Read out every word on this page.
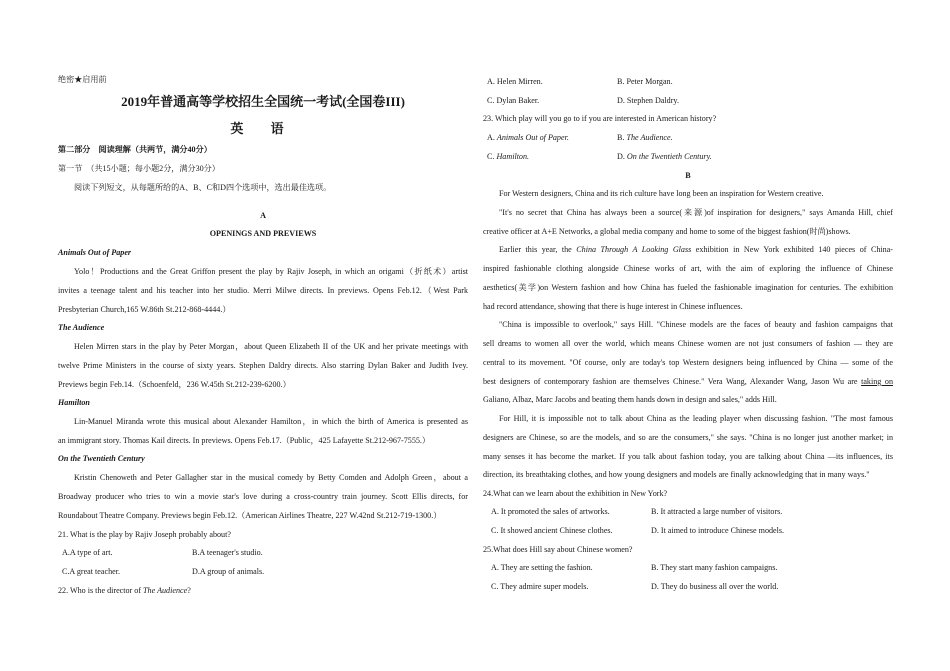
绝密★启用前
2019年普通高等学校招生全国统一考试(全国卷III)
英 语
第二部分　阅读理解（共两节，满分40分）
第一节　（共15小题；每小题2分，满分30分）
阅读下列短文，从每题所给的A、B、C和D四个选项中，选出最佳选项。
A
OPENINGS AND PREVIEWS
Animals Out of Paper
Yolo！Productions and the Great Griffon present the play by Rajiv Joseph, in which an origami（折纸术）artist
invites a teenage talent and his teacher into her studio. Merri Milwe directs. In previews. Opens Feb.12.（West Park
Presbyterian Church,165 W.86th St.212-868-4444.）
The Audience
Helen Mirren stars in the play by Peter Morgan，about Queen Elizabeth II of the UK and her private meetings with
twelve Prime Ministers in the course of sixty years. Stephen Daldry directs. Also starring Dylan Baker and Judith Ivey.
Previews begin Feb.14.（Schoenfeld，236 W.45th St.212-239-6200.）
Hamilton
Lin-Manuel Miranda wrote this musical about Alexander Hamilton，in which the birth of America is presented as
an immigrant story. Thomas Kail directs. In previews. Opens Feb.17.（Public，425 Lafayette St.212-967-7555.）
On the Twentieth Century
Kristin Chenoweth and Peter Gallagher star in the musical comedy by Betty Comden and Adolph Green，about a
Broadway producer who tries to win a movie star's love during a cross-country train journey. Scott Ellis directs, for
Roundabout Theatre Company. Previews begin Feb.12.（American Airlines Theatre, 227 W.42nd St.212-719-1300.）
21. What is the play by Rajiv Joseph probably about?
A.A type of art.	B.A teenager's studio.
C.A great teacher.	D.A group of animals.
22. Who is the director of The Audience?
A. Helen Mirren.	B. Peter Morgan.
C. Dylan Baker.	D. Stephen Daldry.
23. Which play will you go to if you are interested in American history?
A. Animals Out of Paper.	B. The Audience.
C. Hamilton.	D. On the Twentieth Century.
B
For Western designers, China and its rich culture have long been an inspiration for Western creative.
"It's no secret that China has always been a source(来源)of inspiration for designers," says Amanda Hill, chief
creative officer at A+E Networks, a global media company and home to some of the biggest fashion(时尚)shows.
Earlier this year, the China Through A Looking Glass exhibition in New York exhibited 140 pieces of China-
inspired fashionable clothing alongside Chinese works of art, with the aim of exploring the influence of Chinese
aesthetics(美学)on Western fashion and how China has fueled the fashionable imagination for centuries. The exhibition
had record attendance, showing that there is huge interest in Chinese influences.
"China is impossible to overlook," says Hill. "Chinese models are the faces of beauty and fashion campaigns that
sell dreams to women all over the world, which means Chinese women are not just consumers of fashion — they are
central to its movement. "Of course, only are today's top Western designers being influenced by China — some of the
best designers of contemporary fashion are themselves Chinese." Vera Wang, Alexander Wang, Jason Wu are taking on
Galiano, Albaz, Marc Jacobs and beating them hands down in design and sales," adds Hill.
For Hill, it is impossible not to talk about China as the leading player when discussing fashion. "The most famous
designers are Chinese, so are the models, and so are the consumers," she says. "China is no longer just another market; in
many senses it has become the market. If you talk about fashion today, you are talking about China —its influences, its
direction, its breathtaking clothes, and how young designers and models are finally acknowledging that in many ways."
24.What can we learn about the exhibition in New York?
A. It promoted the sales of artworks.	B. It attracted a large number of visitors.
C. It showed ancient Chinese clothes.	D. It aimed to introduce Chinese models.
25.What does Hill say about Chinese women?
A. They are setting the fashion.	B. They start many fashion campaigns.
C. They admire super models.	D. They do business all over the world.
